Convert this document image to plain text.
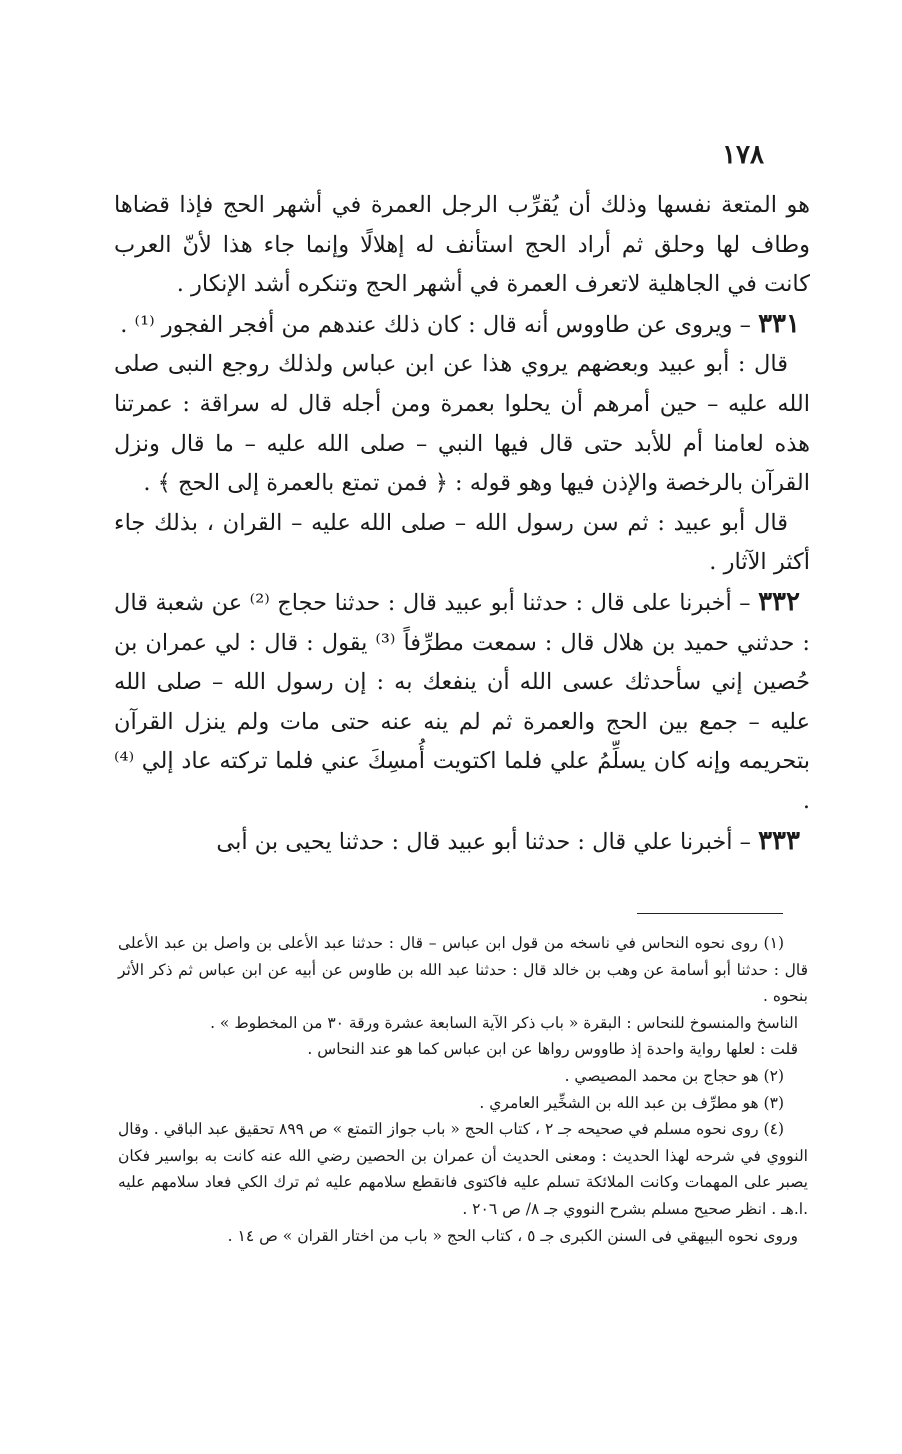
١٧٨

هو المتعة نفسها وذلك أن يُقرِّب الرجل العمرة في أشهر الحج فإذا قضاها وطاف لها وحلق ثم أراد الحج استأنف له إهلالًا وإنما جاء هذا لأنّ العرب كانت في الجاهلية لاتعرف العمرة في أشهر الحج وتنكره أشد الإنكار .

٣٣١ – ويروى عن طاووس أنه قال : كان ذلك عندهم من أفجر الفجور ⁽¹⁾ .

قال : أبو عبيد وبعضهم يروي هذا عن ابن عباس ولذلك روجع النبى صلى الله عليه – حين أمرهم أن يحلوا بعمرة ومن أجله قال له سراقة : عمرتنا هذه لعامنا أم للأبد حتى قال فيها النبي – صلى الله عليه – ما قال ونزل القرآن بالرخصة والإذن فيها وهو قوله : ﴿ فمن تمتع بالعمرة إلى الحج ﴾ .

قال أبو عبيد : ثم سن رسول الله – صلى الله عليه – القران ، بذلك جاء أكثر الآثار .

٣٣٢ – أخبرنا على قال : حدثنا أبو عبيد قال : حدثنا حجاج ⁽²⁾ عن شعبة قال : حدثني حميد بن هلال قال : سمعت مطرِّفاً ⁽³⁾ يقول : قال : لي عمران بن حُصين إني سأحدثك عسى الله أن ينفعك به : إن رسول الله – صلى الله عليه – جمع بين الحج والعمرة ثم لم ينه عنه حتى مات ولم ينزل القرآن بتحريمه وإنه كان يسلِّمُ علي فلما اكتويت أُمسِكَ عني فلما تركته عاد إلي ⁽⁴⁾ .

٣٣٣ – أخبرنا علي قال : حدثنا أبو عبيد قال : حدثنا يحيى بن أبى

(١) روى نحوه النحاس في ناسخه من قول ابن عباس – قال : حدثنا عبد الأعلى بن واصل بن عبد الأعلى قال : حدثنا أبو أسامة عن وهب بن خالد قال : حدثنا عبد الله بن طاوس عن أبيه عن ابن عباس ثم ذكر الأثر بنحوه .

الناسخ والمنسوخ للنحاس : البقرة « باب ذكر الآية السابعة عشرة ورقة ٣٠ من المخطوط » .

قلت : لعلها رواية واحدة إذ طاووس رواها عن ابن عباس كما هو عند النحاس .

(٢) هو حجاج بن محمد المصيصي .

(٣) هو مطرِّف بن عبد الله بن الشخِّير العامري .

(٤) روى نحوه مسلم في صحيحه جـ ٢ ، كتاب الحج « باب جواز التمتع » ص ٨٩٩ تحقيق عبد الباقي . وقال النووي في شرحه لهذا الحديث : ومعنى الحديث أن عمران بن الحصين رضي الله عنه كانت به بواسير فكان يصبر على المهمات وكانت الملائكة تسلم عليه فاكتوى فانقطع سلامهم عليه ثم ترك الكي فعاد سلامهم عليه .ا.هـ . انظر صحيح مسلم بشرح النووي جـ ٨/ ص ٢٠٦ .

وروى نحوه البيهقي فى السنن الكبرى جـ ٥ ، كتاب الحج « باب من اختار القران » ص ١٤ .
